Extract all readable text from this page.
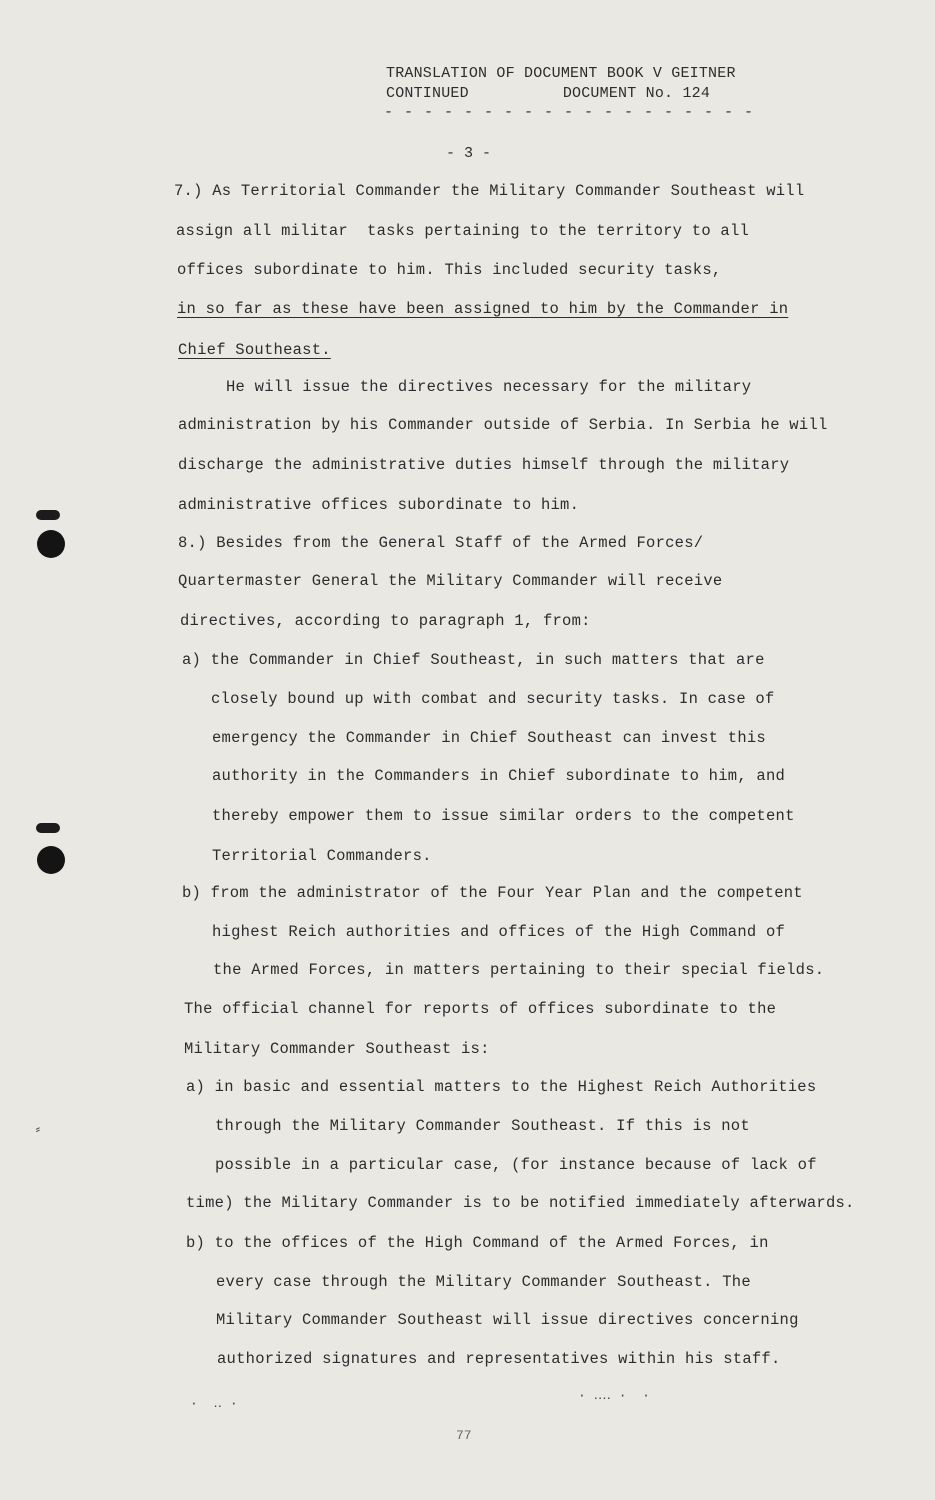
TRANSLATION OF DOCUMENT BOOK V GEITNER
CONTINUED	DOCUMENT No. 124
- - - - - - - - - - - - - - - - - - -
- 3 -
7.) As Territorial Commander the Military Commander Southeast will
assign all militar  tasks pertaining to the territory to all
offices subordinate to him. This included security tasks,
in so far as these have been assigned to him by the Commander in
Chief Southeast.
He will issue the directives necessary for the military
administration by his Commander outside of Serbia. In Serbia he will
discharge the administrative duties himself through the military
administrative offices subordinate to him.
8.) Besides from the General Staff of the Armed Forces/
Quartermaster General the Military Commander will receive
directives, according to paragraph 1, from:
a) the Commander in Chief Southeast, in such matters that are
closely bound up with combat and security tasks. In case of
emergency the Commander in Chief Southeast can invest this
authority in the Commanders in Chief subordinate to him, and
thereby empower them to issue similar orders to the competent
Territorial Commanders.
b) from the administrator of the Four Year Plan and the competent
highest Reich authorities and offices of the High Command of
the Armed Forces, in matters pertaining to their special fields.
The official channel for reports of offices subordinate to the
Military Commander Southeast is:
a) in basic and essential matters to the Highest Reich Authorities
through the Military Commander Southeast. If this is not
possible in a particular case, (for instance because of lack of
time) the Military Commander is to be notified immediately afterwards.
b) to the offices of the High Command of the Armed Forces, in
every case through the Military Commander Southeast. The
Military Commander Southeast will issue directives concerning
authorized signatures and representatives within his staff.
⸗
·  ‥ ·
· ‥‥ ·  ·
77
